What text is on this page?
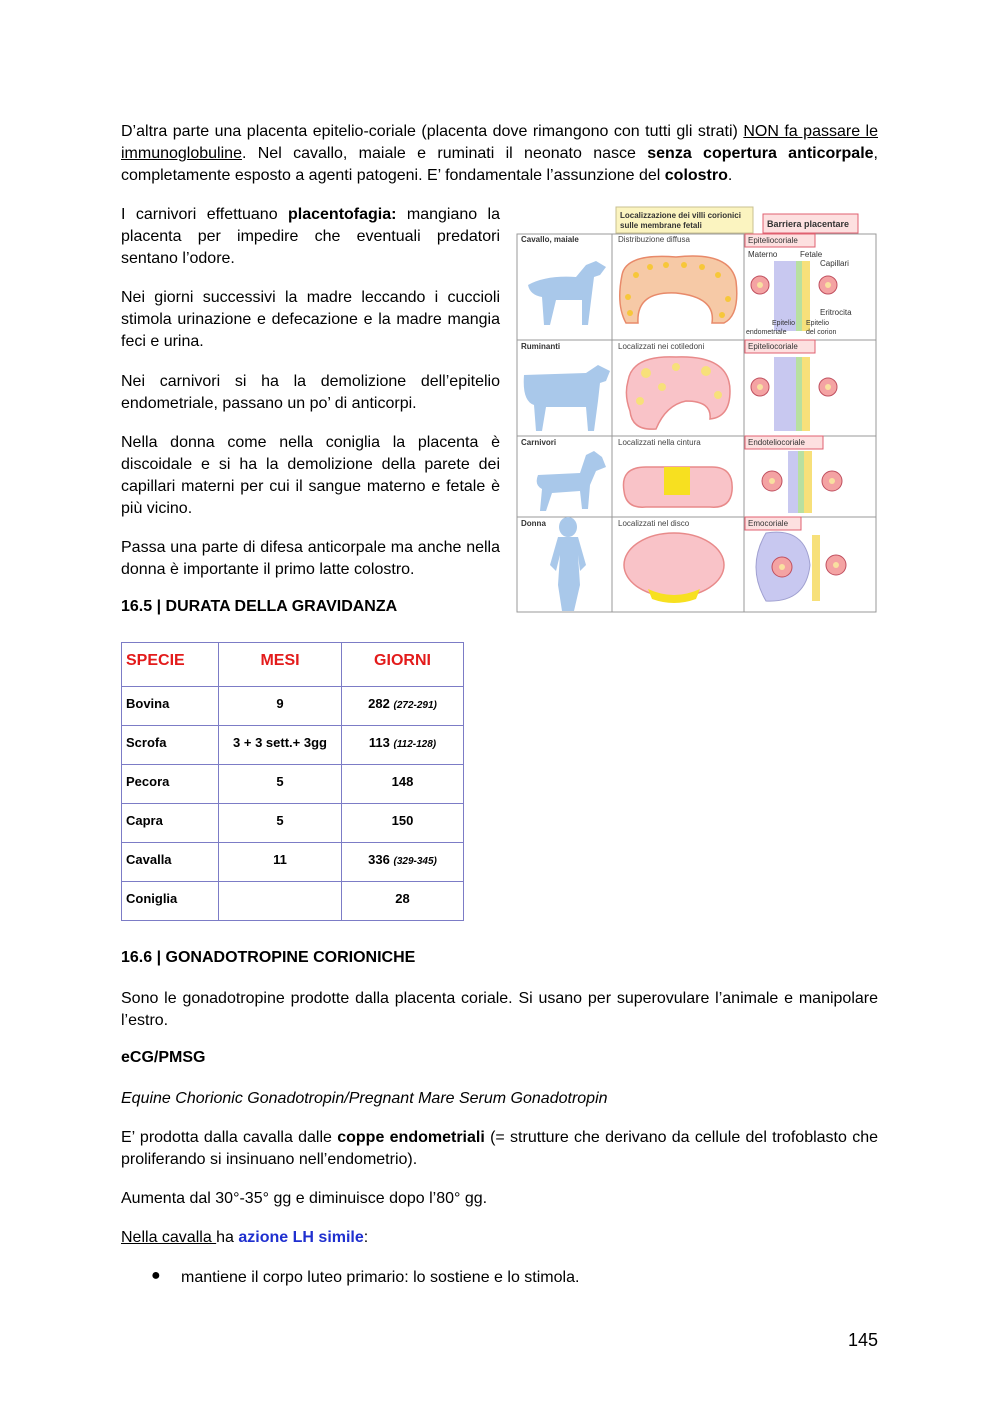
D’altra parte una placenta epitelio-coriale (placenta dove rimangono con tutti gli strati) NON fa passare le immunoglobuline. Nel cavallo, maiale e ruminati il neonato nasce senza copertura anticorpale, completamente esposto a agenti patogeni. E’ fondamentale l’assunzione del colostro.

I carnivori effettuano placentofagia: mangiano la placenta per impedire che eventuali predatori sentano l’odore.

Nei giorni successivi la madre leccando i cuccioli stimola urinazione e defecazione e la madre mangia feci e urina.

Nei carnivori si ha la demolizione dell’epitelio endometriale, passano un po’ di anticorpi.

Nella donna come nella coniglia la placenta è discoidale e si ha la demolizione della parete dei capillari materni per cui il sangue materno e fetale è più vicino.

Passa una parte di difesa anticorpale ma anche nella donna è importante il primo latte colostro.

Localizzazione dei villi corionici
sulle membrane fetali	Barriera placentare
Cavallo, maiale	Distribuzione diffusa	Epiteliocoriale
Ruminanti	Localizzati nei cotiledoni	Epiteliocoriale
Carnivori	Localizzati nella cintura	Endoteliocoriale
Donna	Localizzati nel disco	Emocoriale
Materno	Fetale
Capillari
Eritrocita
Epitelio Epitelio
endometriale	del corion

16.5 | DURATA DELLA GRAVIDANZA

SPECIE	MESI	GIORNI
Bovina	9	282 (272-291)
Scrofa	3 + 3 sett.+ 3gg	113 (112-128)
Pecora	5	148
Capra	5	150
Cavalla	11	336 (329-345)
Coniglia		28

16.6 | GONADOTROPINE CORIONICHE

Sono le gonadotropine prodotte dalla placenta coriale. Si usano per superovulare l’animale e manipolare l’estro.

eCG/PMSG

Equine Chorionic Gonadotropin/Pregnant Mare Serum Gonadotropin

E’ prodotta dalla cavalla dalle coppe endometriali (= strutture che derivano da cellule del trofoblasto che proliferando si insinuano nell’endometrio).

Aumenta dal 30°-35° gg e diminuisce dopo l’80° gg.

Nella cavalla ha azione LH simile:

● mantiene il corpo luteo primario: lo sostiene e lo stimola.
145
